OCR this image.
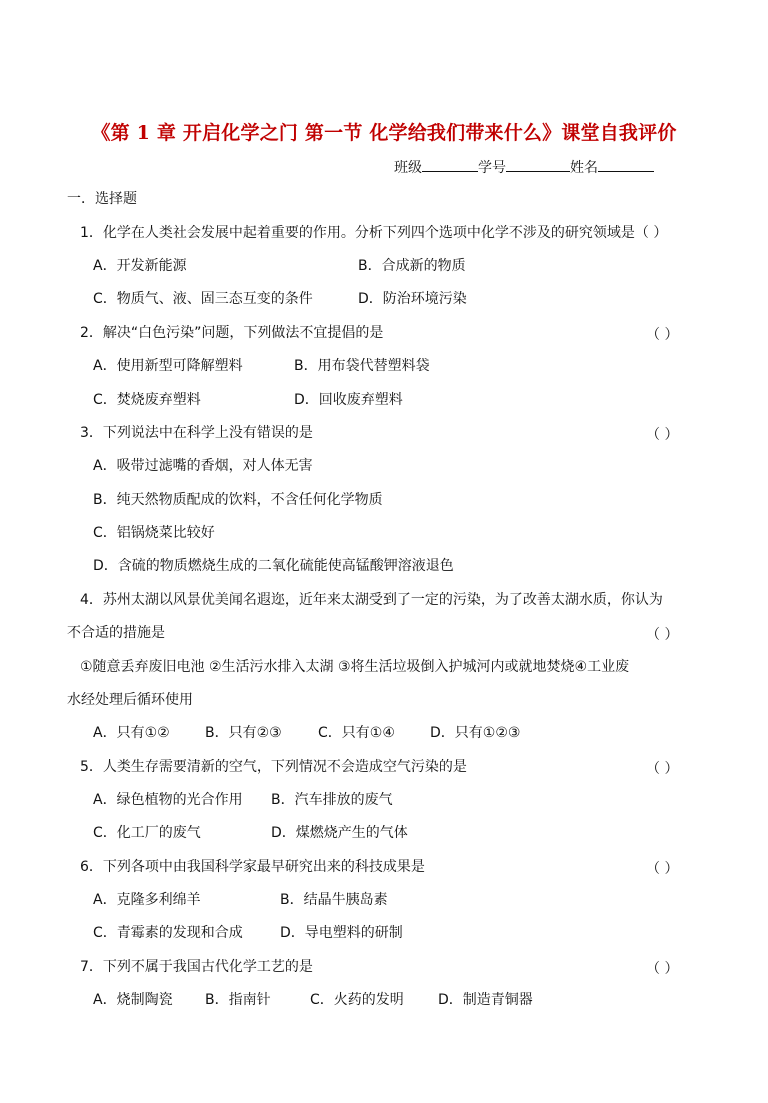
《第 1 章 开启化学之门 第一节 化学给我们带来什么》课堂自我评价
班级	学号	姓名
一．选择题
1．化学在人类社会发展中起着重要的作用。分析下列四个选项中化学不涉及的研究领域是（ ）
A．开发新能源	B．合成新的物质
C．物质气、液、固三态互变的条件	D．防治环境污染
2．解决“白色污染”问题，下列做法不宜提倡的是	（ ）
A．使用新型可降解塑料	B．用布袋代替塑料袋
C．焚烧废弃塑料	D．回收废弃塑料
3．下列说法中在科学上没有错误的是	（ ）
A．吸带过滤嘴的香烟，对人体无害
B．纯天然物质配成的饮料，不含任何化学物质
C．铝锅烧菜比较好
D．含硫的物质燃烧生成的二氧化硫能使高锰酸钾溶液退色
4．苏州太湖以风景优美闻名遐迩，近年来太湖受到了一定的污染，为了改善太湖水质，你认为
不合适的措施是	（ ）
①随意丢弃废旧电池 ②生活污水排入太湖 ③将生活垃圾倒入护城河内或就地焚烧④工业废
水经处理后循环使用
A．只有①②	B．只有②③	C．只有①④	D．只有①②③
5．人类生存需要清新的空气，下列情况不会造成空气污染的是	（ ）
A．绿色植物的光合作用 B．汽车排放的废气
C．化工厂的废气	D．煤燃烧产生的气体
6．下列各项中由我国科学家最早研究出来的科技成果是	（ ）
A．克隆多利绵羊	B．结晶牛胰岛素
C．青霉素的发现和合成	D．导电塑料的研制
7．下列不属于我国古代化学工艺的是	（ ）
A．烧制陶瓷 B．指南针	C．火药的发明 D．制造青铜器
